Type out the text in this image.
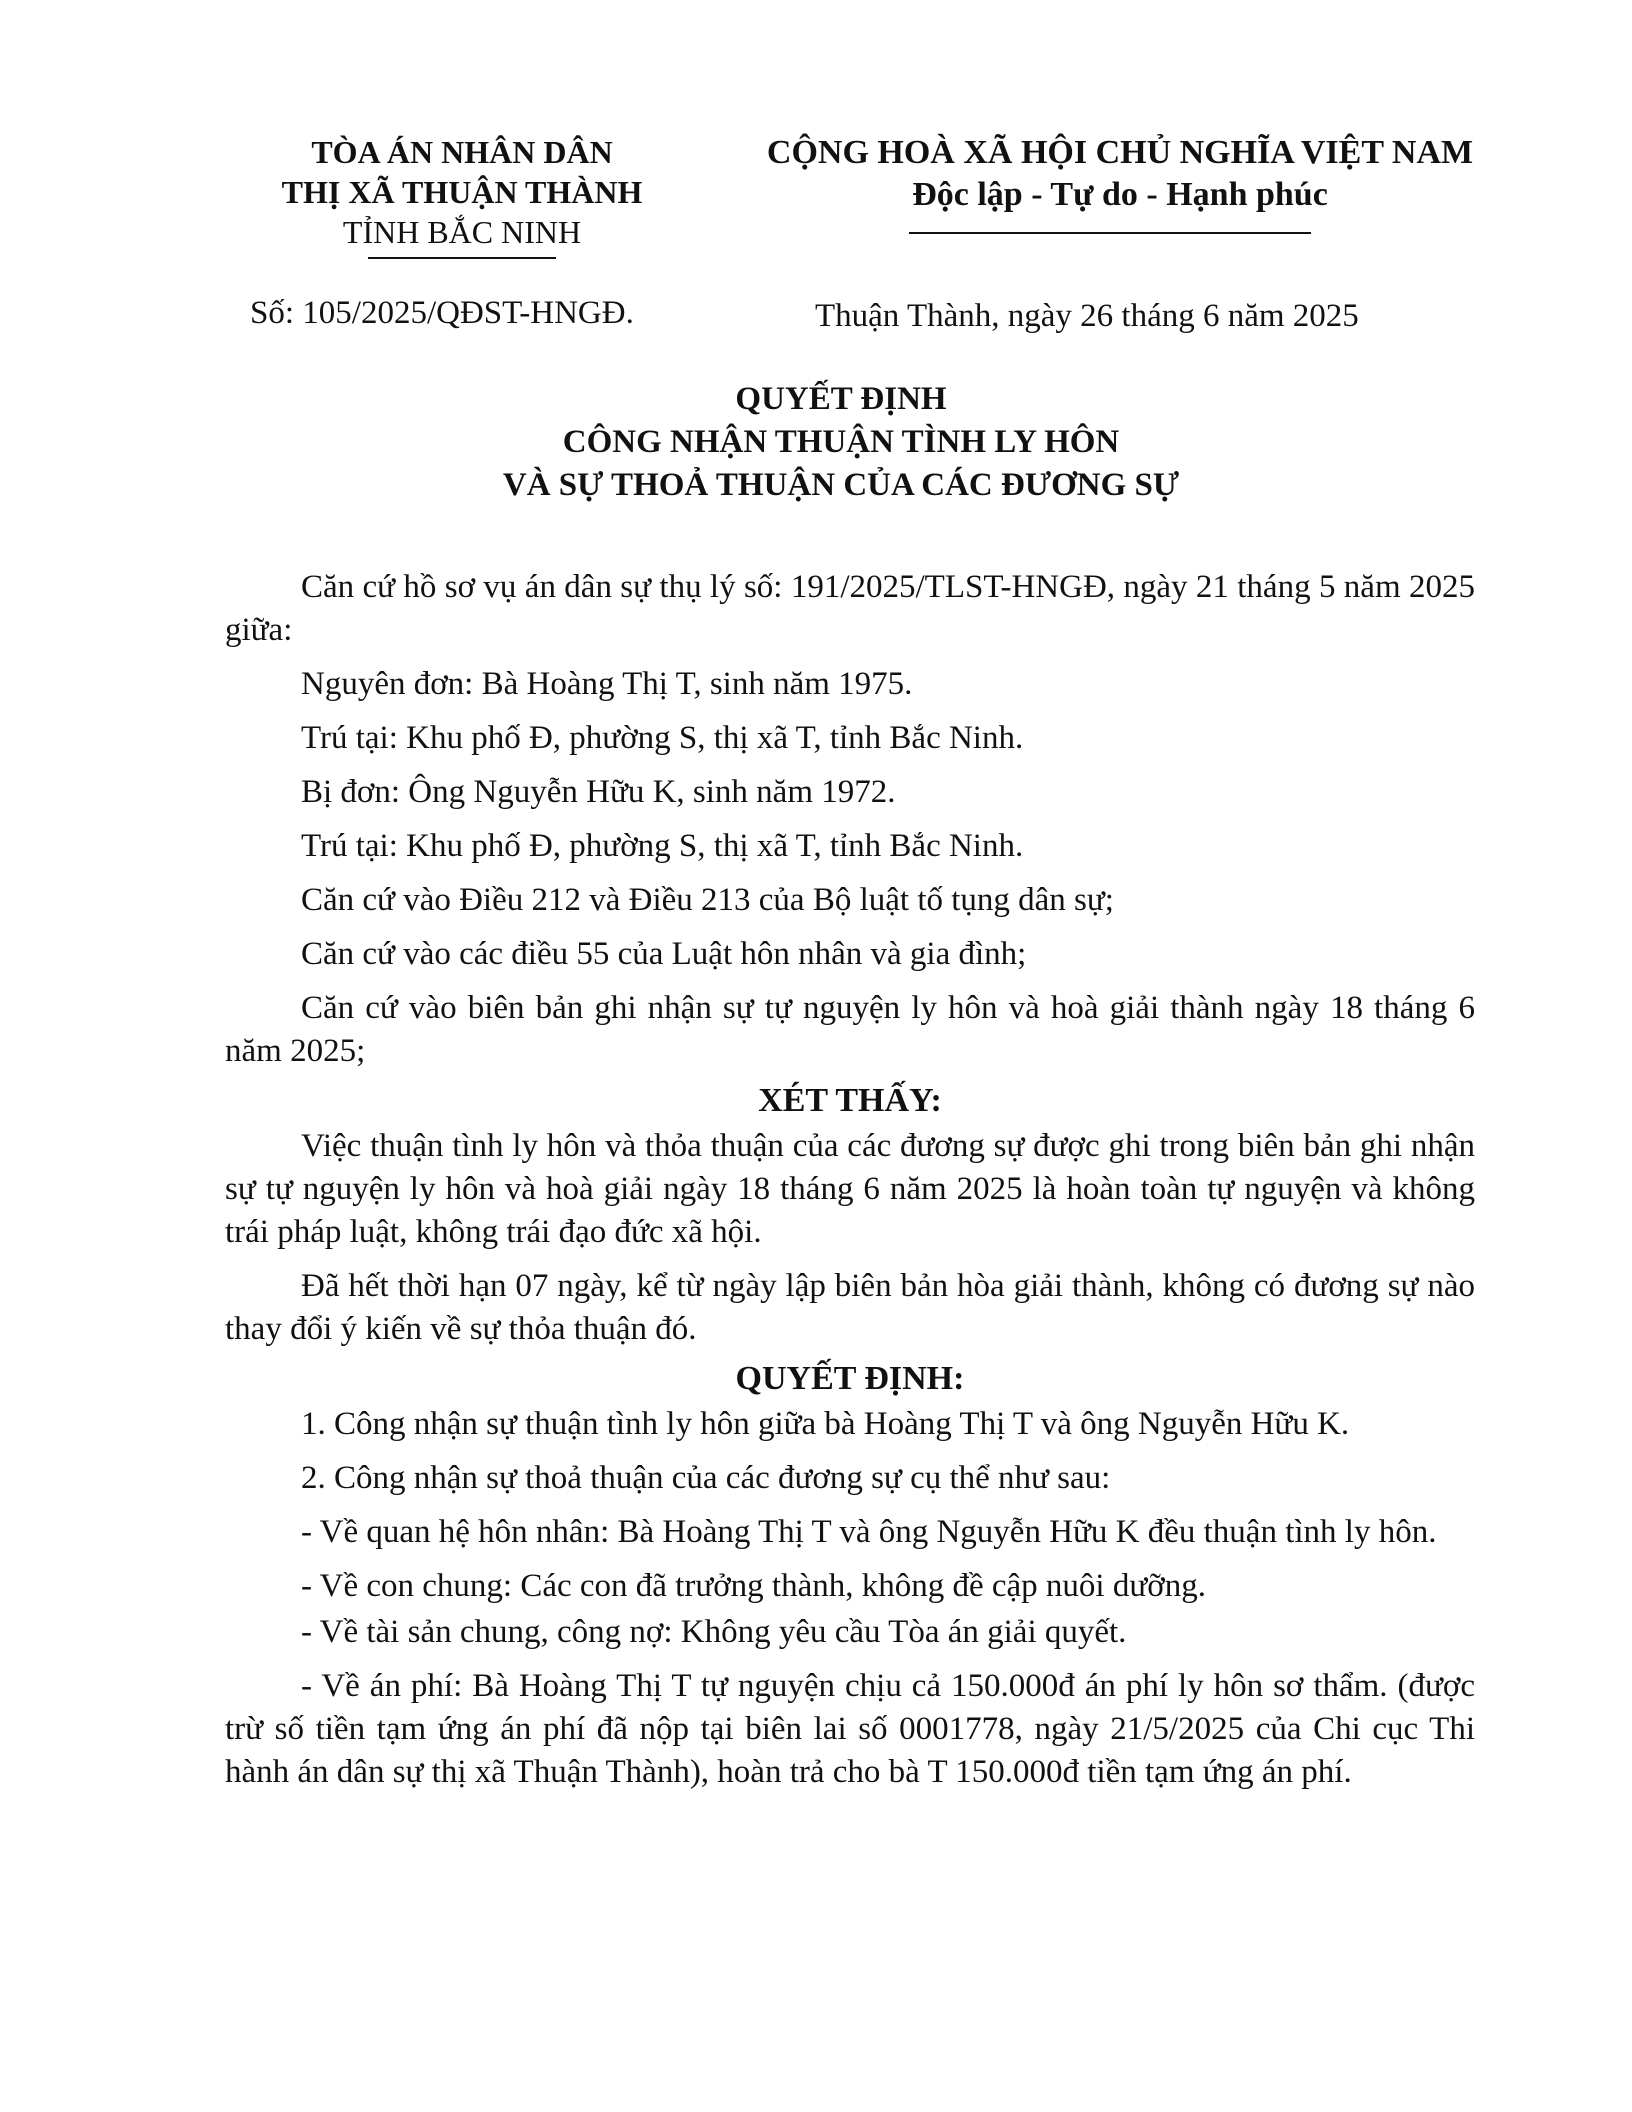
TÒA ÁN NHÂN DÂN
THỊ XÃ THUẬN THÀNH
TỈNH BẮC NINH
CỘNG HOÀ XÃ HỘI CHỦ NGHĨA VIỆT NAM
Độc lập - Tự do - Hạnh phúc
Số: 105/2025/QĐST-HNGĐ.	Thuận Thành, ngày 26 tháng 6 năm 2025
QUYẾT ĐỊNH
CÔNG NHẬN THUẬN TÌNH LY HÔN
VÀ SỰ THOẢ THUẬN CỦA CÁC ĐƯƠNG SỰ

Căn cứ hồ sơ vụ án dân sự thụ lý số: 191/2025/TLST-HNGĐ, ngày 21 tháng 5 năm 2025 giữa:

Nguyên đơn: Bà Hoàng Thị T, sinh năm 1975.

Trú tại: Khu phố Đ, phường S, thị xã T, tỉnh Bắc Ninh.

Bị đơn: Ông Nguyễn Hữu K, sinh năm 1972.

Trú tại: Khu phố Đ, phường S, thị xã T, tỉnh Bắc Ninh.

Căn cứ vào Điều 212 và Điều 213 của Bộ luật tố tụng dân sự;

Căn cứ vào các điều 55 của Luật hôn nhân và gia đình;

Căn cứ vào biên bản ghi nhận sự tự nguyện ly hôn và hoà giải thành ngày 18 tháng 6 năm 2025;

XÉT THẤY:

Việc thuận tình ly hôn và thỏa thuận của các đương sự được ghi trong biên bản ghi nhận sự tự nguyện ly hôn và hoà giải ngày 18 tháng 6 năm 2025 là hoàn toàn tự nguyện và không trái pháp luật, không trái đạo đức xã hội.

Đã hết thời hạn 07 ngày, kể từ ngày lập biên bản hòa giải thành, không có đương sự nào thay đổi ý kiến về sự thỏa thuận đó.

QUYẾT ĐỊNH:

1. Công nhận sự thuận tình ly hôn giữa bà Hoàng Thị T và ông Nguyễn Hữu K.

2. Công nhận sự thoả thuận của các đương sự cụ thể như sau:

- Về quan hệ hôn nhân: Bà Hoàng Thị T và ông Nguyễn Hữu K đều thuận tình ly hôn.

- Về con chung: Các con đã trưởng thành, không đề cập nuôi dưỡng.

- Về tài sản chung, công nợ: Không yêu cầu Tòa án giải quyết.

- Về án phí: Bà Hoàng Thị T tự nguyện chịu cả 150.000đ án phí ly hôn sơ thẩm. (được trừ số tiền tạm ứng án phí đã nộp tại biên lai số 0001778, ngày 21/5/2025 của Chi cục Thi hành án dân sự thị xã Thuận Thành), hoàn trả cho bà T 150.000đ tiền tạm ứng án phí.
